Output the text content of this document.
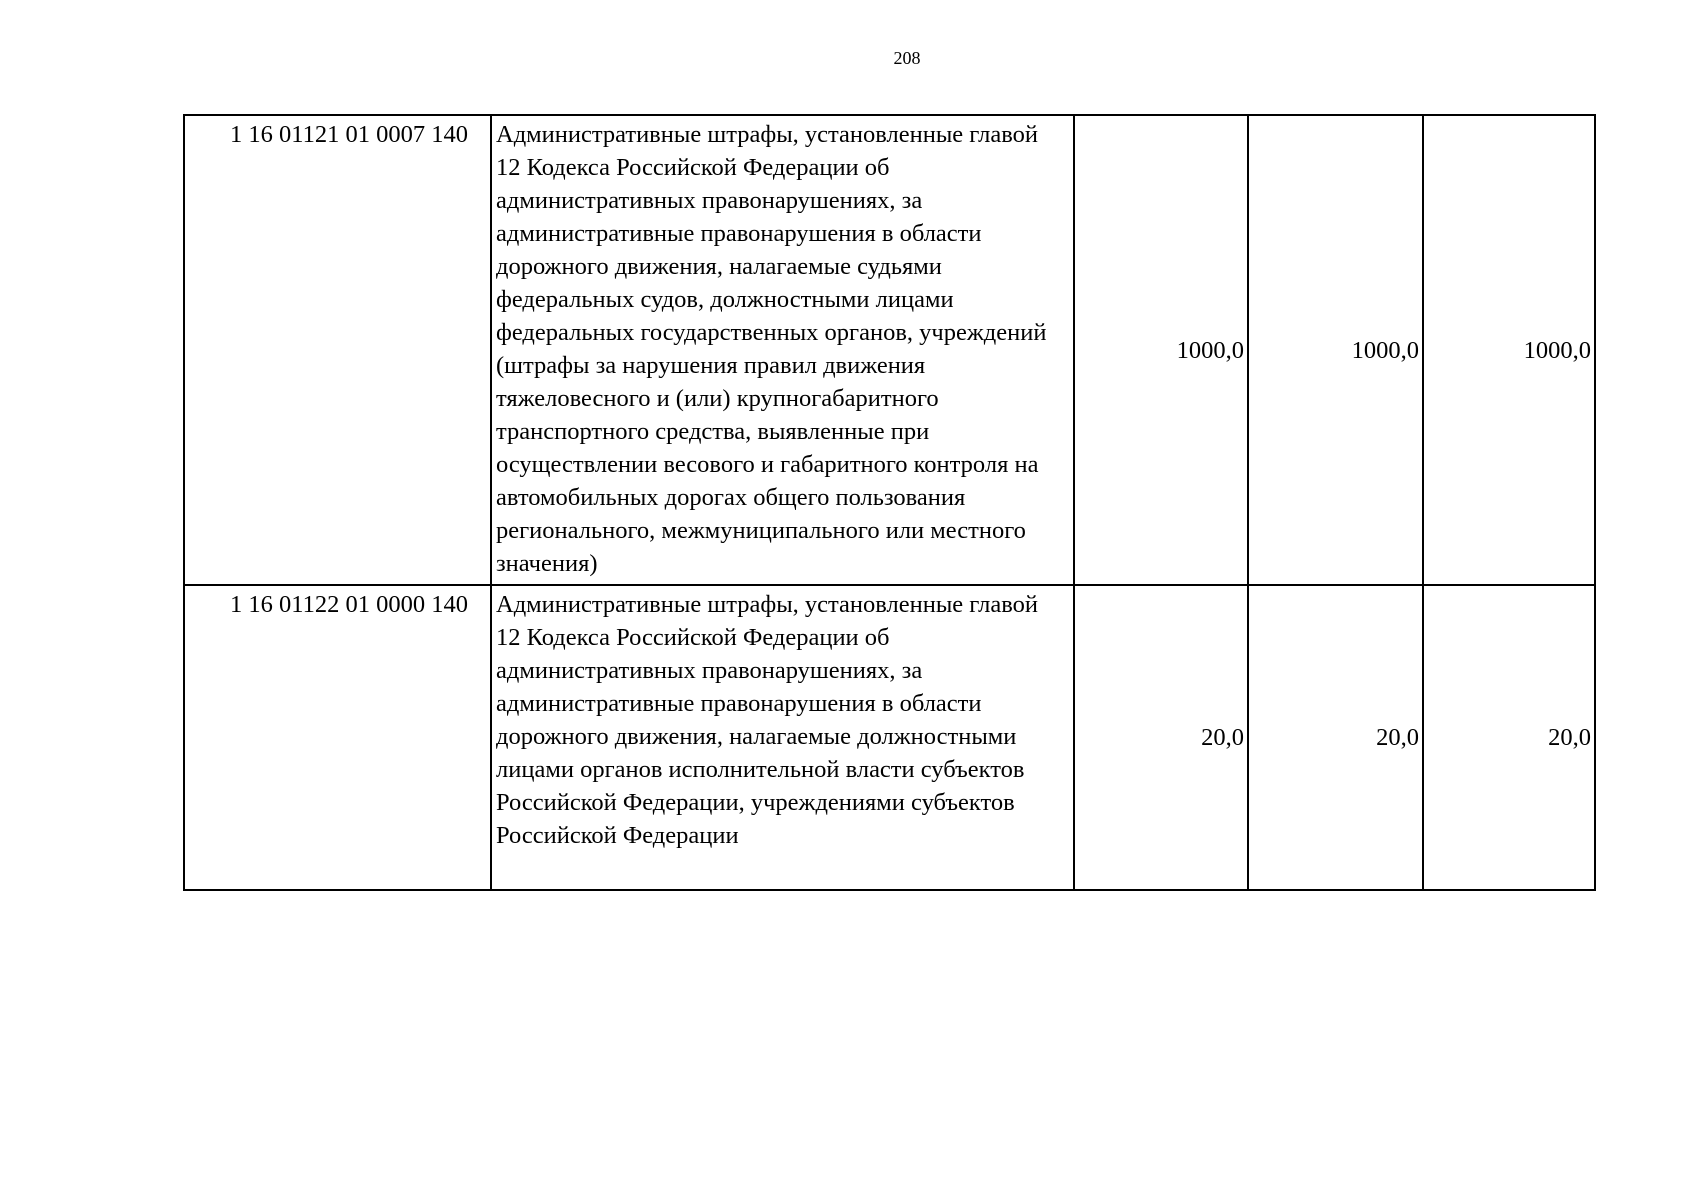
208
1 16 01121 01 0007 140	Административные штрафы, установленные главой 12 Кодекса Российской Федерации об административных правонарушениях, за административные правонарушения в области дорожного движения, налагаемые судьями федеральных судов, должностными лицами федеральных государственных органов, учреждений (штрафы за нарушения правил движения тяжеловесного и (или) крупногабаритного транспортного средства, выявленные при осуществлении весового и габаритного контроля на автомобильных дорогах общего пользования регионального, межмуниципального или местного значения)	1000,0	1000,0	1000,0
1 16 01122 01 0000 140	Административные штрафы, установленные главой 12 Кодекса Российской Федерации об административных правонарушениях, за административные правонарушения в области дорожного движения, налагаемые должностными лицами органов исполнительной власти субъектов Российской Федерации, учреждениями субъектов Российской Федерации	20,0	20,0	20,0
